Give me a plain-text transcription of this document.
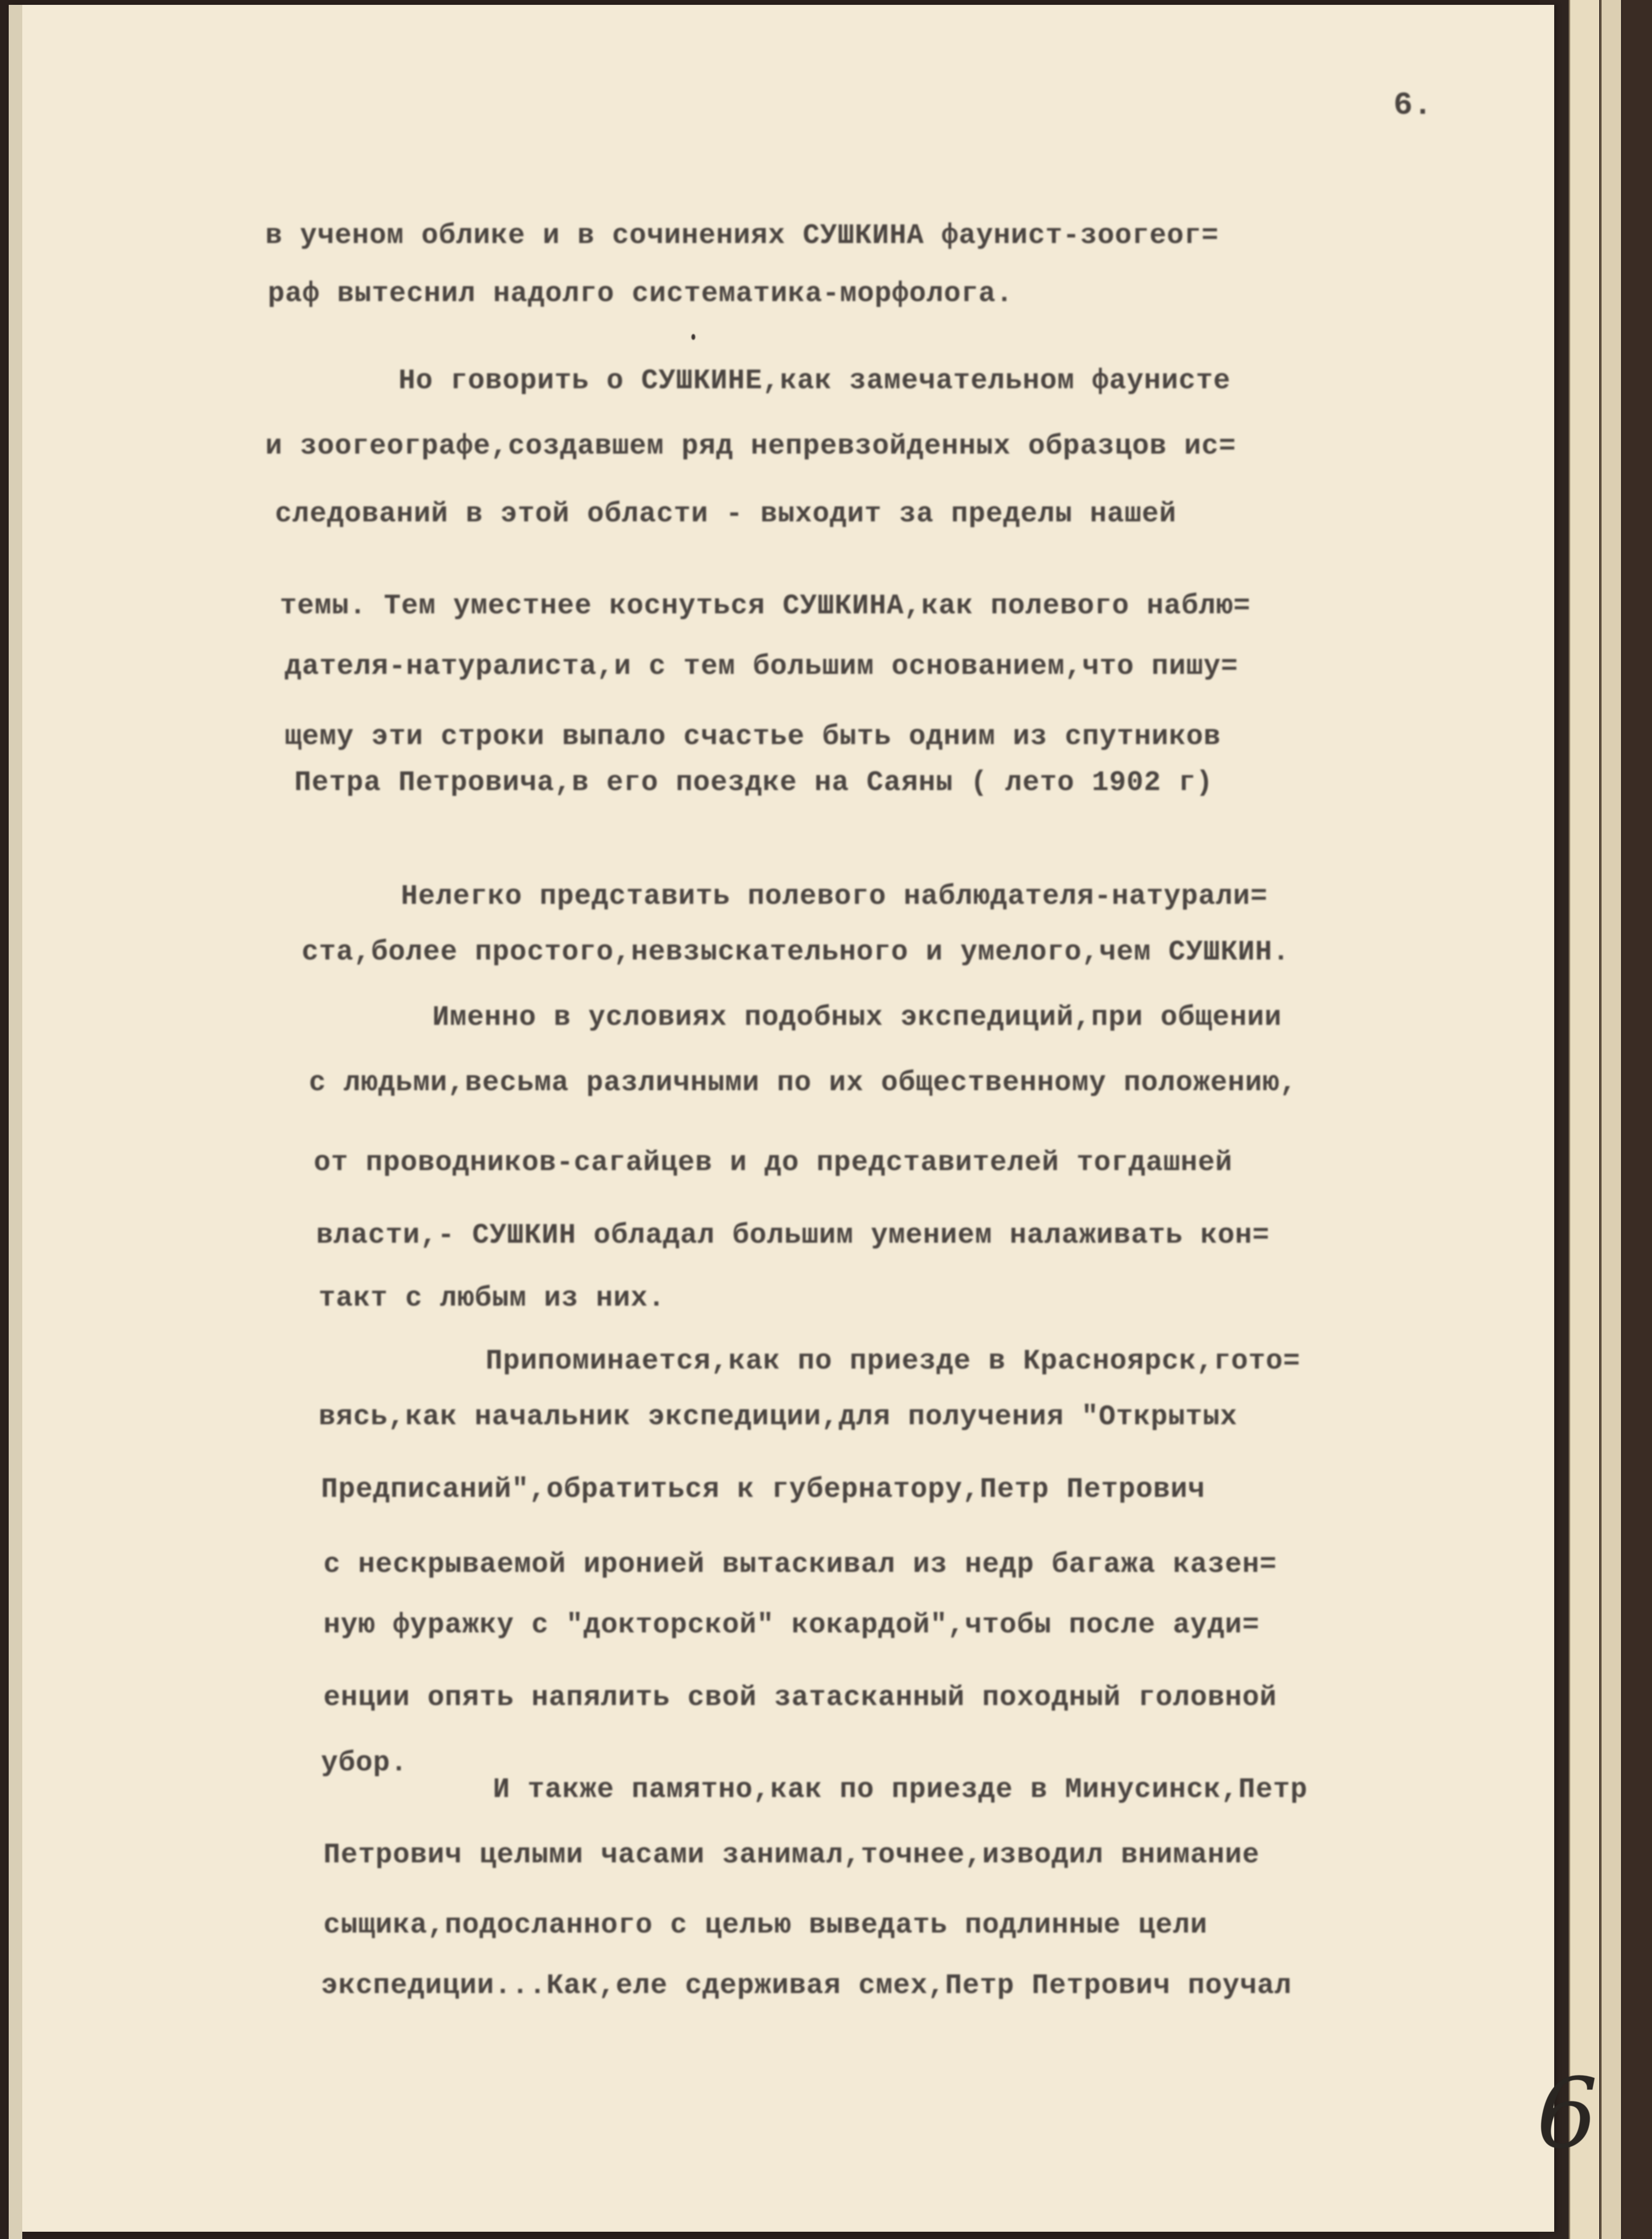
6.
в ученом облике и в сочинениях СУШКИНА фаунист-зоогеог=
раф вытеснил надолго систематика-морфолога.
Но говорить о СУШКИНЕ,как замечательном фаунисте
и зоогеографе,создавшем ряд непревзойденных образцов ис=
следований в этой области - выходит за пределы нашей
темы. Тем уместнее коснуться СУШКИНА,как полевого наблю=
дателя-натуралиста,и с тем большим основанием,что пишу=
щему эти строки выпало счастье быть одним из спутников
Петра Петровича,в его поездке на Саяны ( лето 1902 г)
Нелегко представить полевого наблюдателя-натурали=
ста,более простого,невзыскательного и умелого,чем СУШКИН.
Именно в условиях подобных экспедиций,при общении
с людьми,весьма различными по их общественному положению,
от проводников-сагайцев и до представителей тогдашней
власти,- СУШКИН обладал большим умением налаживать кон=
такт с любым из них.
Припоминается,как по приезде в Красноярск,гото=
вясь,как начальник экспедиции,для получения "Открытых
Предписаний",обратиться к губернатору,Петр Петрович
с нескрываемой иронией вытаскивал из недр багажа казен=
ную фуражку с "докторской" кокардой",чтобы после ауди=
енции опять напялить свой затасканный походный головной
убор.
И также памятно,как по приезде в Минусинск,Петр
Петрович целыми часами занимал,точнее,изводил внимание
сыщика,подосланного с целью выведать подлинные цели
экспедиции...Как,еле сдерживая смех,Петр Петрович поучал
6
